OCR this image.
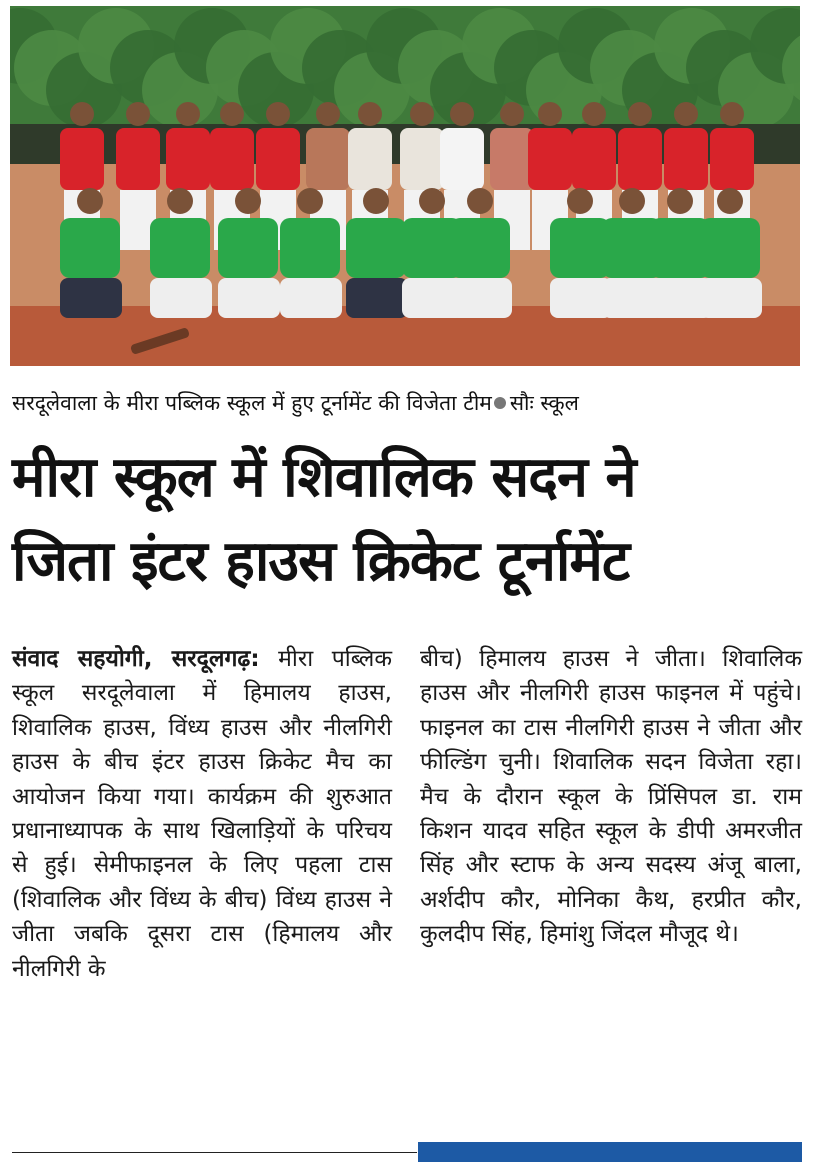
सरदूलेवाला के मीरा पब्लिक स्कूल में हुए टूर्नामेंट की विजेता टीम सौः स्कूल
मीरा स्कूल में शिवालिक सदन ने
जिता इंटर हाउस क्रिकेट टूर्नामेंट

संवाद सहयोगी, सरदूलगढ़: मीरा पब्लिक स्कूल सरदूलेवाला में हिमालय हाउस, शिवालिक हाउस, विंध्य हाउस और नीलगिरी हाउस के बीच इंटर हाउस क्रिकेट मैच का आयोजन किया गया। कार्यक्रम की शुरुआत प्रधानाध्यापक के साथ खिलाड़ियों के परिचय से हुई। सेमीफाइनल के लिए पहला टास (शिवालिक और विंध्य के बीच) विंध्य हाउस ने जीता जबकि दूसरा टास (हिमालय और नीलगिरी के

बीच) हिमालय हाउस ने जीता। शिवालिक हाउस और नीलगिरी हाउस फाइनल में पहुंचे। फाइनल का टास नीलगिरी हाउस ने जीता और फील्डिंग चुनी। शिवालिक सदन विजेता रहा। मैच के दौरान स्कूल के प्रिंसिपल डा. राम किशन यादव सहित स्कूल के डीपी अमरजीत सिंह और स्टाफ के अन्य सदस्य अंजू बाला, अर्शदीप कौर, मोनिका कैथ, हरप्रीत कौर, कुलदीप सिंह, हिमांशु जिंदल मौजूद थे।
